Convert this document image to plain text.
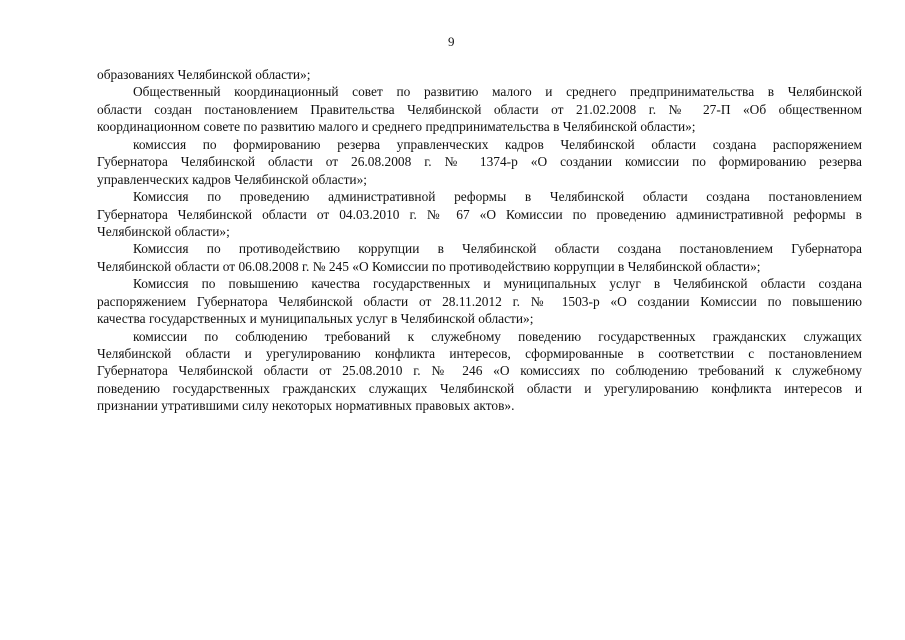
9
образованиях Челябинской области»;
Общественный координационный совет по развитию малого и среднего предпринимательства в Челябинской
области создан постановлением Правительства Челябинской области от 21.02.2008 г. № 27-П «Об общественном
координационном совете по развитию малого и среднего предпринимательства в Челябинской области»;
комиссия по формированию резерва управленческих кадров Челябинской области создана распоряжением
Губернатора Челябинской области от 26.08.2008 г. № 1374-р «О создании комиссии по формированию резерва
управленческих кадров Челябинской области»;
Комиссия по проведению административной реформы в Челябинской области создана постановлением
Губернатора Челябинской области от 04.03.2010 г. № 67 «О Комиссии по проведению административной реформы в
Челябинской области»;
Комиссия по противодействию коррупции в Челябинской области создана постановлением Губернатора
Челябинской области от 06.08.2008 г. № 245 «О Комиссии по противодействию коррупции в Челябинской области»;
Комиссия по повышению качества государственных и муниципальных услуг в Челябинской области создана
распоряжением Губернатора Челябинской области от 28.11.2012 г. № 1503-р «О создании Комиссии по повышению
качества государственных и муниципальных услуг в Челябинской области»;
комиссии по соблюдению требований к служебному поведению государственных гражданских служащих
Челябинской области и урегулированию конфликта интересов, сформированные в соответствии с постановлением
Губернатора Челябинской области от 25.08.2010 г. № 246 «О комиссиях по соблюдению требований к служебному
поведению государственных гражданских служащих Челябинской области и урегулированию конфликта интересов и
признании утратившими силу некоторых нормативных правовых актов».
